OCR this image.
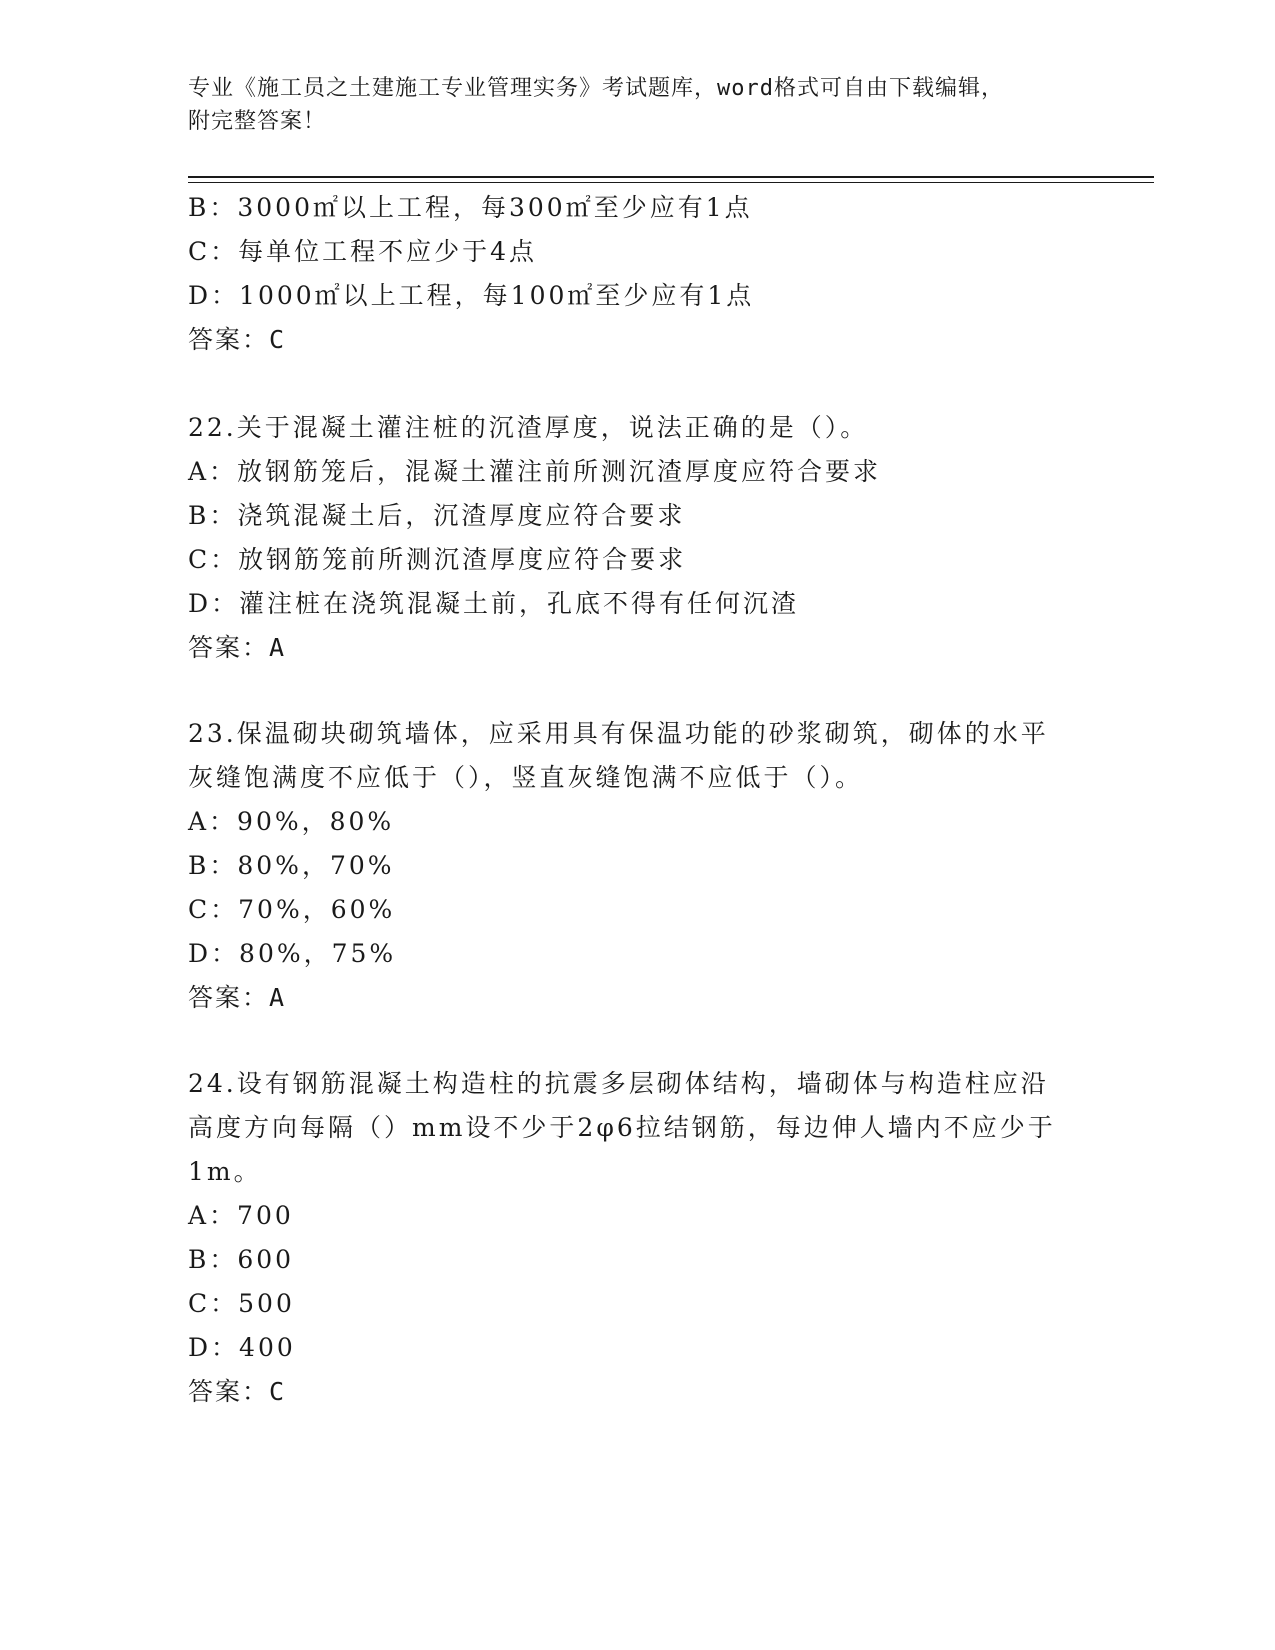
专业《施工员之土建施工专业管理实务》考试题库，word格式可自由下载编辑，
附完整答案！
B：3000㎡以上工程，每300㎡至少应有1点
C：每单位工程不应少于4点
D：1000㎡以上工程，每100㎡至少应有1点
答案：C
22.关于混凝土灌注桩的沉渣厚度，说法正确的是（）。
A：放钢筋笼后，混凝土灌注前所测沉渣厚度应符合要求
B：浇筑混凝土后，沉渣厚度应符合要求
C：放钢筋笼前所测沉渣厚度应符合要求
D：灌注桩在浇筑混凝土前，孔底不得有任何沉渣
答案：A
23.保温砌块砌筑墙体，应采用具有保温功能的砂浆砌筑，砌体的水平
灰缝饱满度不应低于（），竖直灰缝饱满不应低于（）。
A：90%，80%
B：80%，70%
C：70%，60%
D：80%，75%
答案：A
24.设有钢筋混凝土构造柱的抗震多层砌体结构，墙砌体与构造柱应沿
高度方向每隔（）mm设不少于2φ6拉结钢筋，每边伸人墙内不应少于
1m。
A：700
B：600
C：500
D：400
答案：C
